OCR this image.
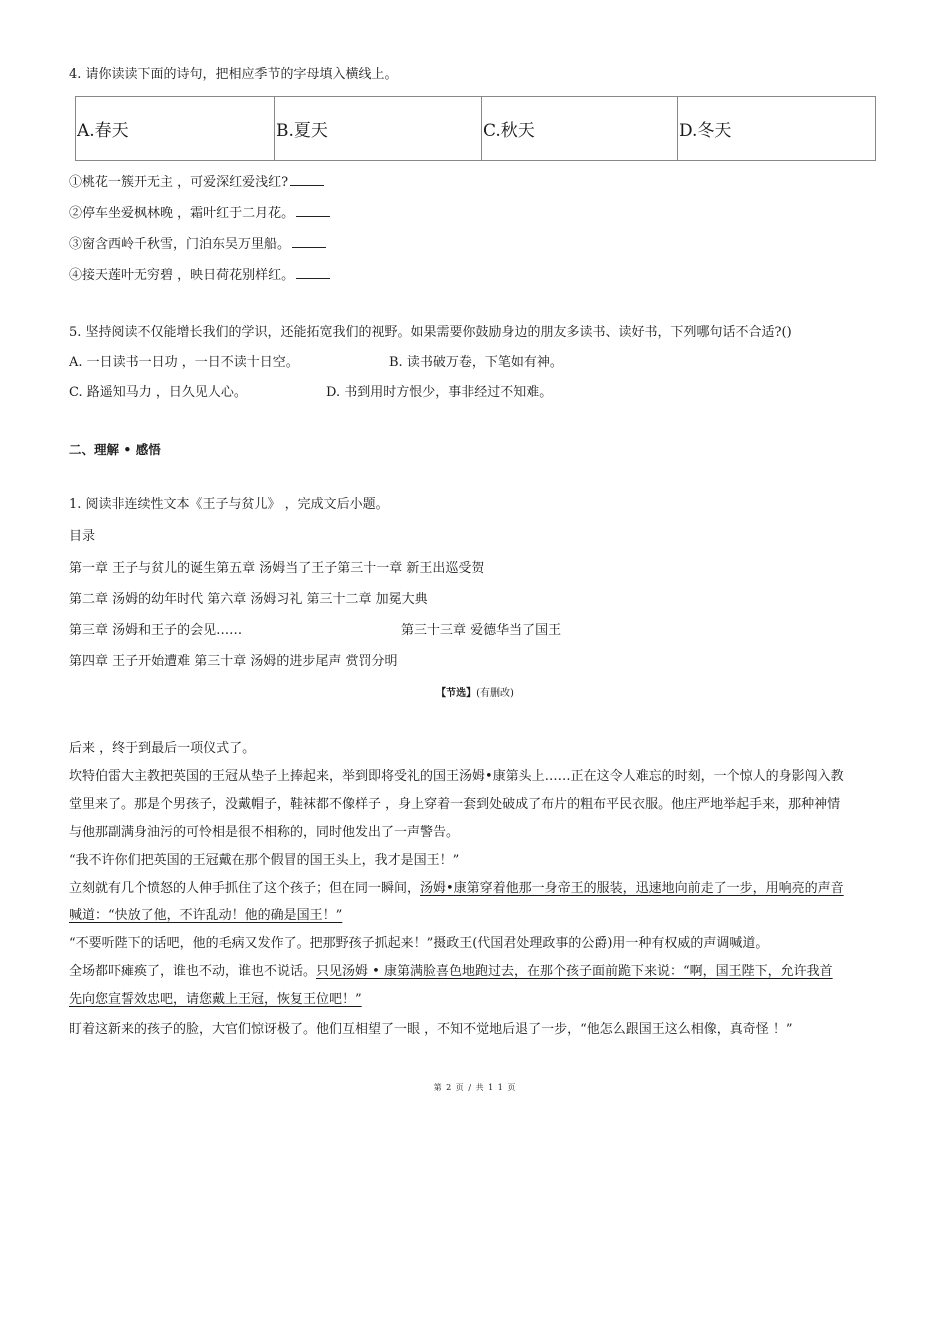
4. 请你读读下面的诗句，把相应季节的字母填入横线上。
A.春天	B.夏天	C.秋天	D.冬天
①桃花一簇开无主 ，可爱深红爱浅红?
②停车坐爱枫林晚 ，霜叶红于二月花。
③窗含西岭千秋雪，门泊东吴万里船。
④接天莲叶无穷碧 ，映日荷花别样红。
5. 坚持阅读不仅能增长我们的学识，还能拓宽我们的视野。如果需要你鼓励身边的朋友多读书、读好书，下列哪句话不合适?()
A. 一日读书一日功 ，一日不读十日空。	B. 读书破万卷，下笔如有神。
C. 路遥知马力 ，日久见人心。	D. 书到用时方恨少，事非经过不知难。
二、理解 • 感悟
1. 阅读非连续性文本《王子与贫儿》 ，完成文后小题。
目录
第一章 王子与贫儿的诞生第五章 汤姆当了王子第三十一章 新王出巡受贺
第二章 汤姆的幼年时代 第六章 汤姆习礼 第三十二章 加冕大典
第三章 汤姆和王子的会见……	第三十三章 爱德华当了国王
第四章 王子开始遭难 第三十章 汤姆的进步尾声 赏罚分明
【节选】(有删改)
后来 ，终于到最后一项仪式了。
坎特伯雷大主教把英国的王冠从垫子上捧起来，举到即将受礼的国王汤姆•康第头上……正在这令人难忘的时刻，一个惊人的身影闯入教
堂里来了。那是个男孩子，没戴帽子，鞋袜都不像样子 ，身上穿着一套到处破成了布片的粗布平民衣服。他庄严地举起手来，那种神情
与他那副满身油污的可怜相是很不相称的，同时他发出了一声警告。
“我不许你们把英国的王冠戴在那个假冒的国王头上，我才是国王！”
立刻就有几个愤怒的人伸手抓住了这个孩子；但在同一瞬间，汤姆•康第穿着他那一身帝王的服装，迅速地向前走了一步，用响亮的声音
喊道：“快放了他，不许乱动！他的确是国王！”
“不要听陛下的话吧，他的毛病又发作了。把那野孩子抓起来！”摄政王(代国君处理政事的公爵)用一种有权威的声调喊道。
全场都吓瘫痪了，谁也不动，谁也不说话。只见汤姆 • 康第满脸喜色地跑过去，在那个孩子面前跪下来说：“啊，国王陛下，允许我首
先向您宣誓效忠吧，请您戴上王冠，恢复王位吧！”
盯着这新来的孩子的脸，大官们惊讶极了。他们互相望了一眼 ，不知不觉地后退了一步，“他怎么跟国王这么相像，真奇怪 ！”
第 2 页 / 共 1 1 页
